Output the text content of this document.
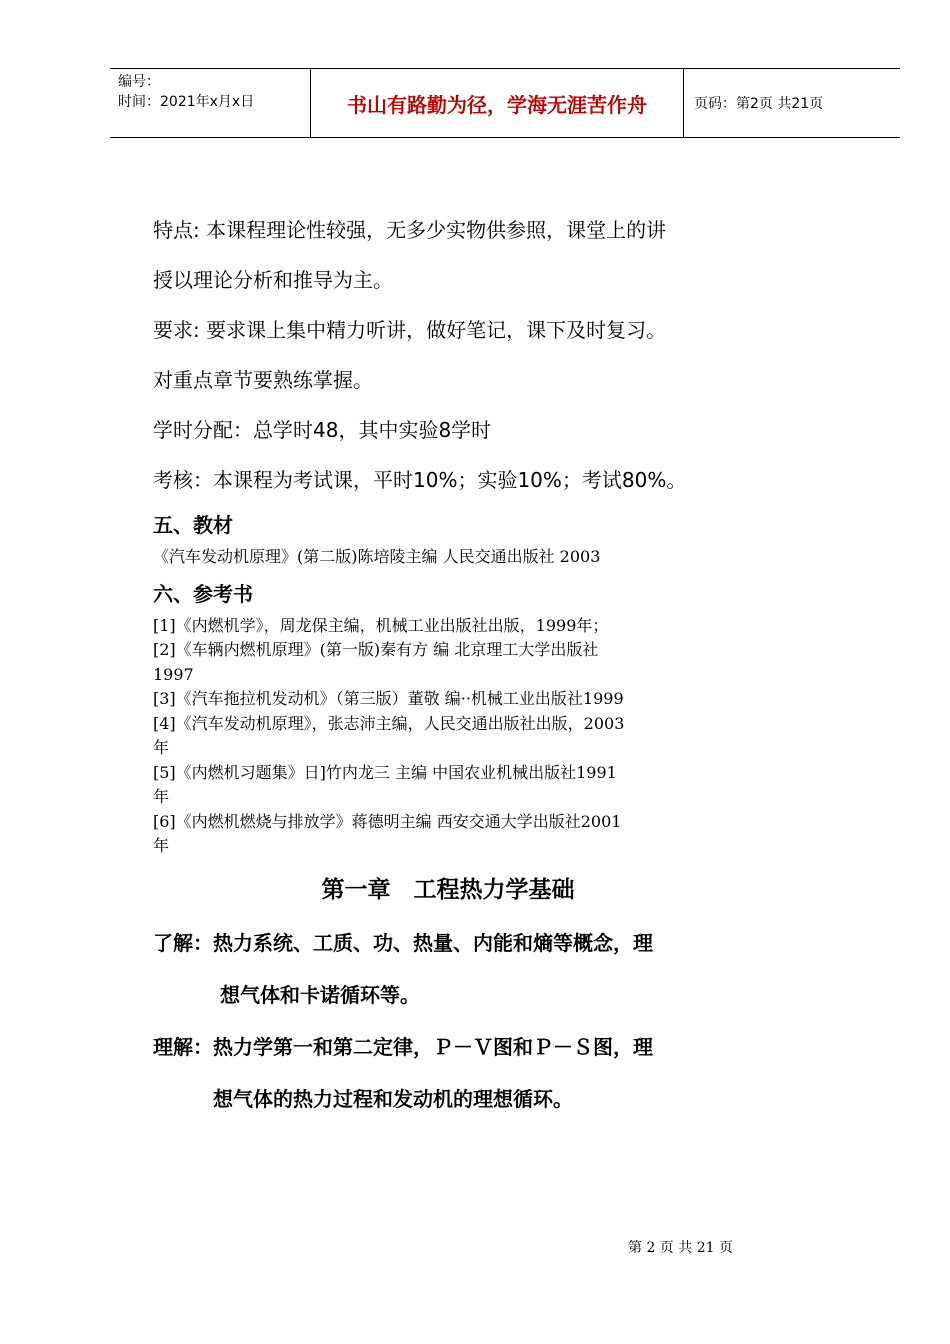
编号：
时间：2021年x月x日	书山有路勤为径，学海无涯苦作舟	页码：第2页 共21页

特点: 本课程理论性较强，无多少实物供参照，课堂上的讲

授以理论分析和推导为主。

要求: 要求课上集中精力听讲，做好笔记，课下及时复习。

对重点章节要熟练掌握。

学时分配：总学时48，其中实验8学时

考核：本课程为考试课，平时10%；实验10%；考试80%。

五、教材

《汽车发动机原理》(第二版)陈培陵主编 人民交通出版社 2003

六、参考书

[1]《内燃机学》，周龙保主编，机械工业出版社出版，1999年；

[2]《车辆内燃机原理》(第一版)秦有方 编 北京理工大学出版社

1997

[3]《汽车拖拉机发动机》（第三版）董敬 编··机械工业出版社1999

[4]《汽车发动机原理》，张志沛主编，人民交通出版社出版，2003

年

[5]《内燃机习题集》日]竹内龙三 主编 中国农业机械出版社1991

年

[6]《内燃机燃烧与排放学》蒋德明主编 西安交通大学出版社2001

年

第一章　工程热力学基础

了解：热力系统、工质、功、热量、内能和熵等概念，理

想气体和卡诺循环等。

理解：热力学第一和第二定律，Ｐ－Ｖ图和Ｐ－Ｓ图，理

想气体的热力过程和发动机的理想循环。

第 2 页 共 21 页
